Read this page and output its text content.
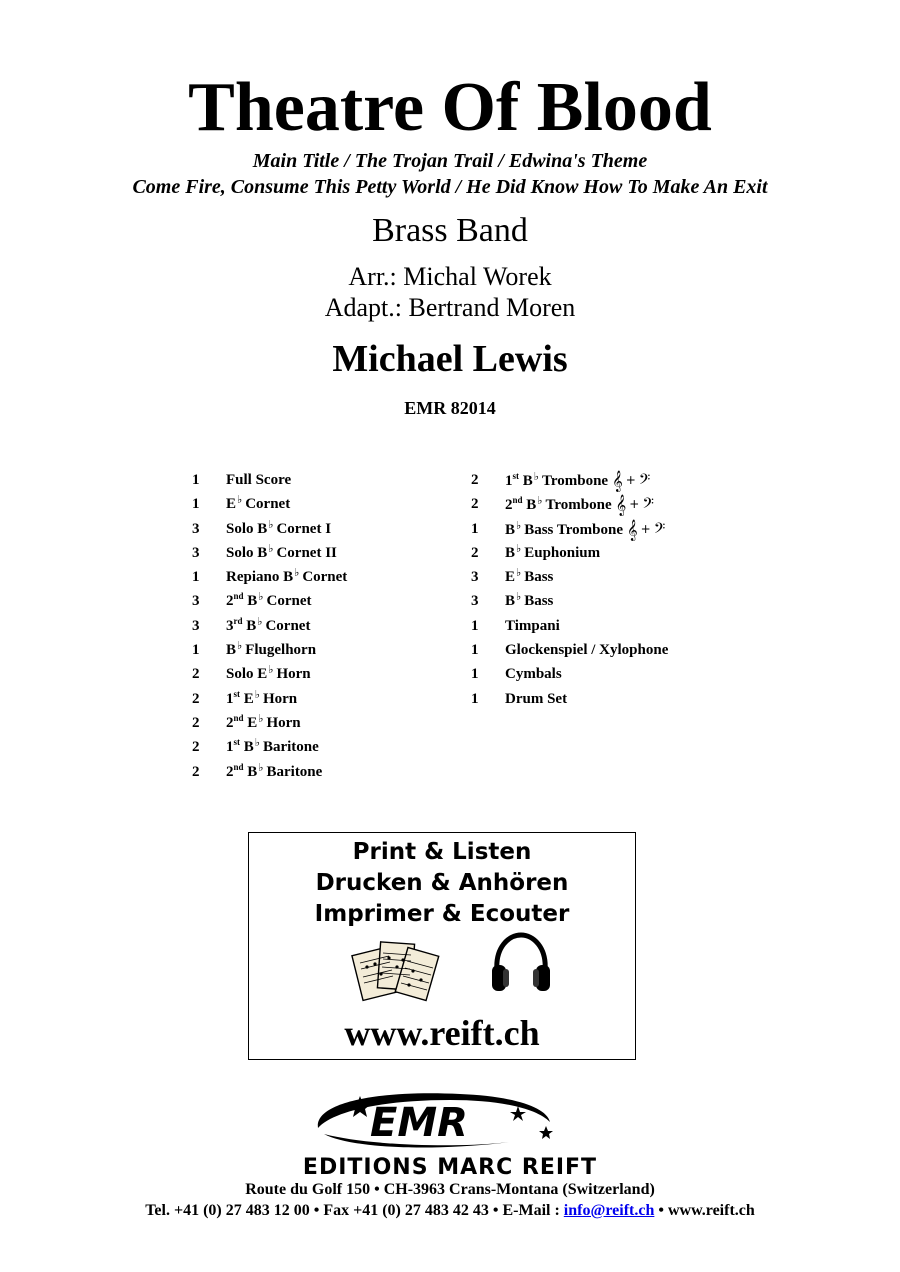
Theatre Of Blood
Main Title / The Trojan Trail / Edwina's Theme
Come Fire, Consume This Petty World / He Did Know How To Make An Exit
Brass Band
Arr.: Michal Worek
Adapt.: Bertrand Moren
Michael Lewis
EMR 82014
1	Full Score
1	E♭ Cornet
3	Solo B♭ Cornet I
3	Solo B♭ Cornet II
1	Repiano B♭ Cornet
3	2nd B♭ Cornet
3	3rd B♭ Cornet
1	B♭ Flugelhorn
2	Solo E♭ Horn
2	1st E♭ Horn
2	2nd E♭ Horn
2	1st B♭ Baritone
2	2nd B♭ Baritone
2	1st B♭ Trombone 𝄞 + 𝄢
2	2nd B♭ Trombone 𝄞 + 𝄢
1	B♭ Bass Trombone 𝄞 + 𝄢
2	B♭ Euphonium
3	E♭ Bass
3	B♭ Bass
1	Timpani
1	Glockenspiel / Xylophone
1	Cymbals
1	Drum Set
Print & Listen
Drucken & Anhören
Imprimer & Ecouter
www.reift.ch
EMR
EDITIONS MARC REIFT
Route du Golf 150 • CH-3963 Crans-Montana (Switzerland)
Tel. +41 (0) 27 483 12 00 • Fax +41 (0) 27 483 42 43 • E-Mail : info@reift.ch • www.reift.ch
